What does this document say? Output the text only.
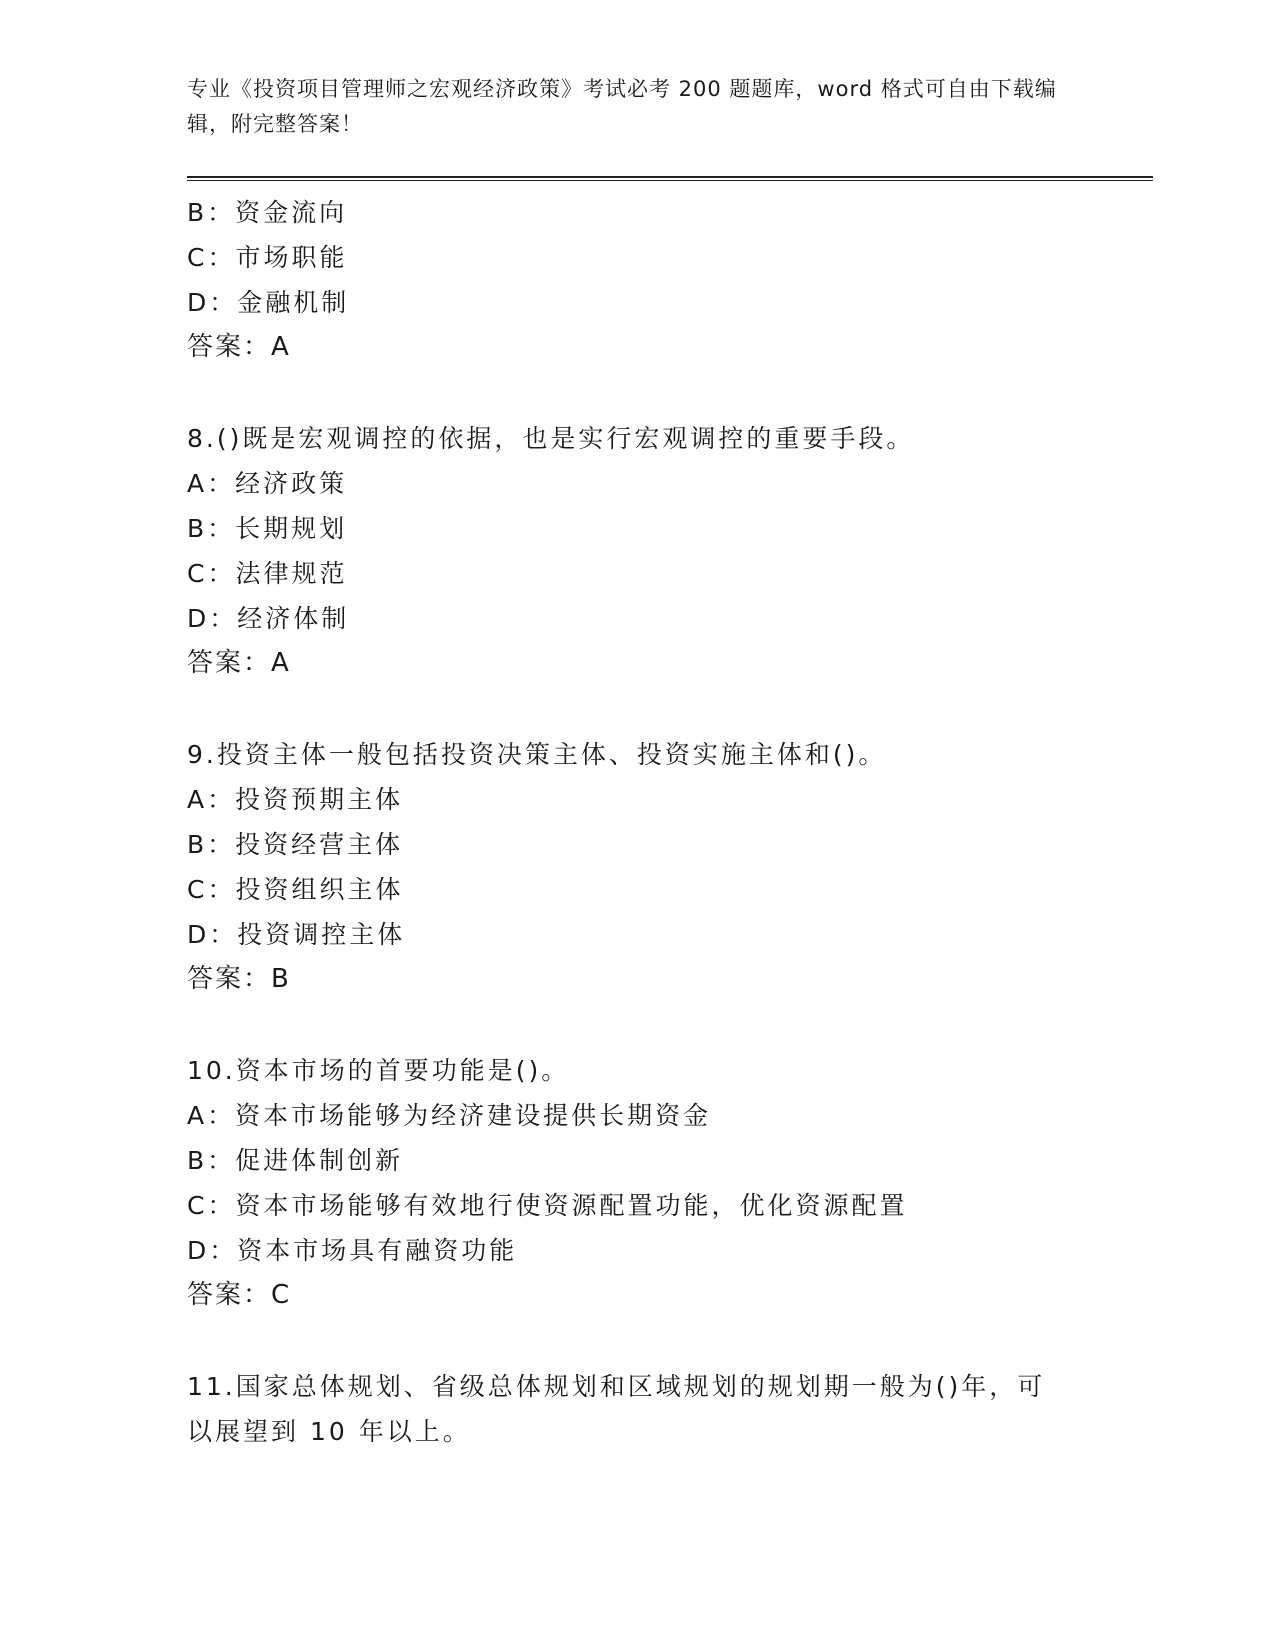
专业《投资项目管理师之宏观经济政策》考试必考 200 题题库，word 格式可自由下载编辑，附完整答案！
B：资金流向
C：市场职能
D：金融机制
答案：A
8.()既是宏观调控的依据，也是实行宏观调控的重要手段。
A：经济政策
B：长期规划
C：法律规范
D：经济体制
答案：A
9.投资主体一般包括投资决策主体、投资实施主体和()。
A：投资预期主体
B：投资经营主体
C：投资组织主体
D：投资调控主体
答案：B
10.资本市场的首要功能是()。
A：资本市场能够为经济建设提供长期资金
B：促进体制创新
C：资本市场能够有效地行使资源配置功能，优化资源配置
D：资本市场具有融资功能
答案：C
11.国家总体规划、省级总体规划和区域规划的规划期一般为()年，可以展望到 10 年以上。
